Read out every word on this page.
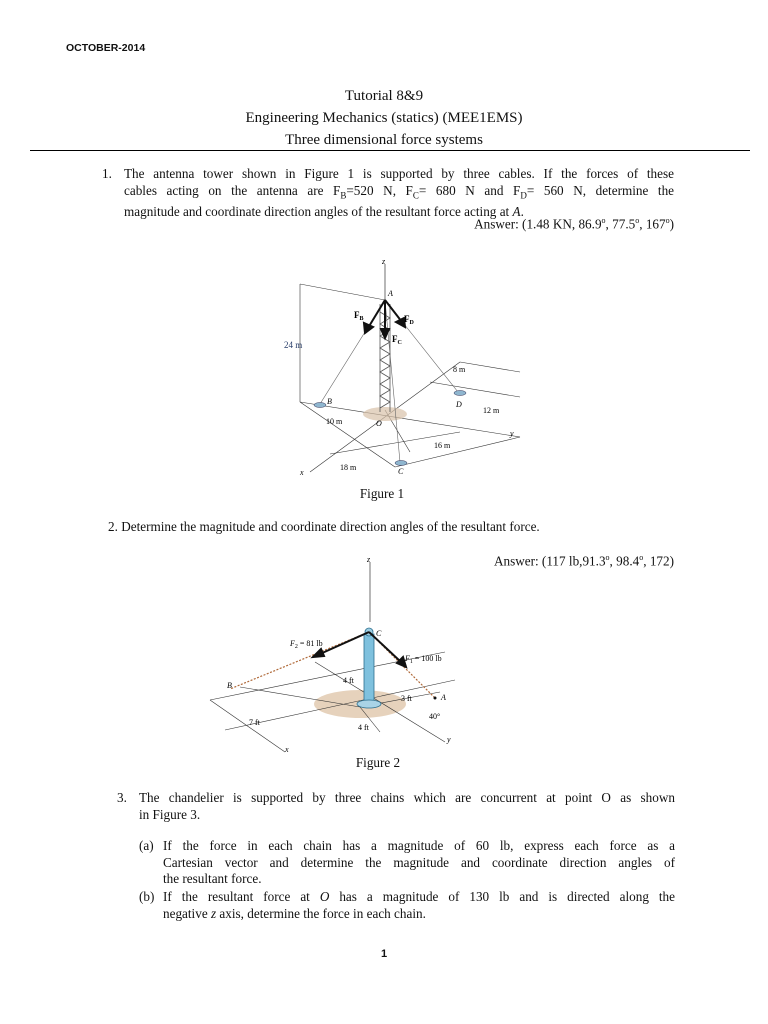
OCTOBER-2014
Tutorial 8&9
Engineering Mechanics (statics) (MEE1EMS)
Three dimensional force systems
1. The antenna tower shown in Figure 1 is supported by three cables. If the forces of these
cables acting on the antenna are $F_B=520$ N, $F_C= 680$ N and $F_D= 560$ N, determine the
magnitude and coordinate direction angles of the resultant force acting at A.
Answer: (1.48 KN, 86.9$^o$, 77.5$^o$, 167$^o$)
z
24 m
A
$F_B$	$F_D$
$F_C$
B	D
C
O
8 m
12 m
10 m
16 m
18 m
y
x
Figure 1
2. Determine the magnitude and coordinate direction angles of the resultant force.
Answer: (117 lb,91.3$^o$, 98.4$^o$, 172)
z
C
$F_2 = 81$ lb
$F_1 = 100$ lb
B
4 ft
3 ft	A
40°
7 ft
4 ft
x
y
Figure 2
3. The chandelier is supported by three chains which are concurrent at point O as shown
in Figure 3.
(a) If the force in each chain has a magnitude of 60 lb, express each force as a
Cartesian vector and determine the magnitude and coordinate direction angles of
the resultant force.
(b) If the resultant force at O has a magnitude of 130 lb and is directed along the
negative z axis, determine the force in each chain.
1
